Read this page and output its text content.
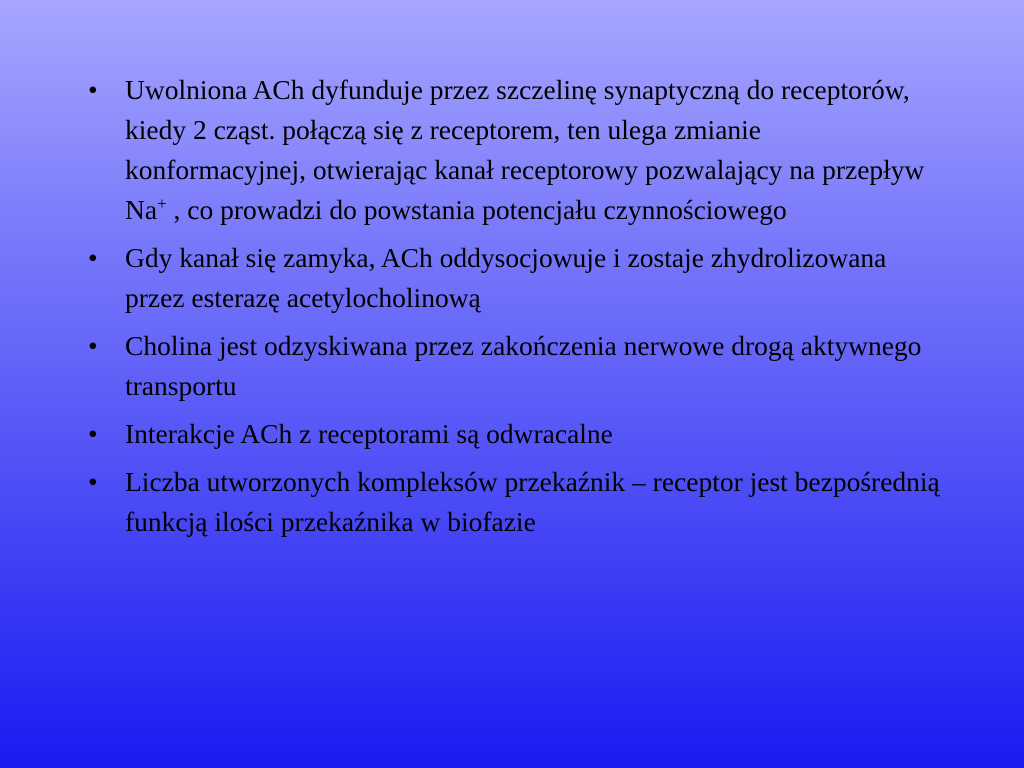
• Uwolniona ACh dyfunduje przez szczelinę synaptyczną do receptorów, kiedy 2 cząst. połączą się z receptorem, ten ulega zmianie konformacyjnej, otwierając kanał receptorowy pozwalający na przepływ Na+ , co prowadzi do powstania potencjału czynnościowego
• Gdy kanał się zamyka, ACh oddysocjowuje i zostaje zhydrolizowana przez esterazę acetylocholinową
• Cholina jest odzyskiwana przez zakończenia nerwowe drogą aktywnego transportu
• Interakcje ACh z receptorami są odwracalne
• Liczba utworzonych kompleksów przekaźnik – receptor jest bezpośrednią funkcją ilości przekaźnika w biofazie
